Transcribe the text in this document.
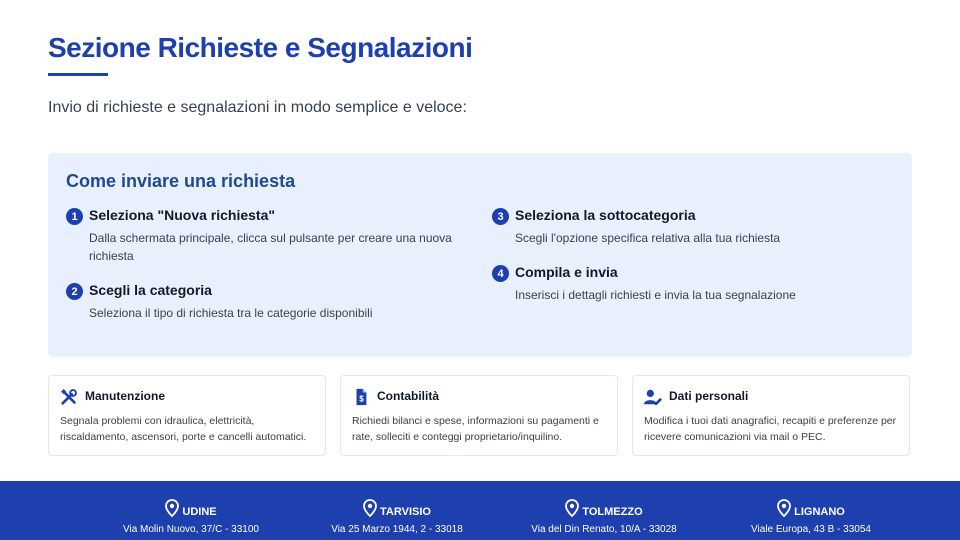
Sezione Richieste e Segnalazioni

Invio di richieste e segnalazioni in modo semplice e veloce:

Come inviare una richiesta
1 Seleziona "Nuova richiesta"
Dalla schermata principale, clicca sul pulsante per creare una nuova richiesta
2 Scegli la categoria
Seleziona il tipo di richiesta tra le categorie disponibili
3 Seleziona la sottocategoria
Scegli l'opzione specifica relativa alla tua richiesta
4 Compila e invia
Inserisci i dettagli richiesti e invia la tua segnalazione
Manutenzione
Segnala problemi con idraulica, elettricità, riscaldamento, ascensori, porte e cancelli automatici.
$ Contabilità
Richiedi bilanci e spese, informazioni su pagamenti e rate, solleciti e conteggi proprietario/inquilino.
Dati personali
Modifica i tuoi dati anagrafici, recapiti e preferenze per ricevere comunicazioni via mail o PEC.
UDINE
Via Molin Nuovo, 37/C - 33100
TARVISIO
Via 25 Marzo 1944, 2 - 33018
TOLMEZZO
Via del Din Renato, 10/A - 33028
LIGNANO
Viale Europa, 43 B - 33054
